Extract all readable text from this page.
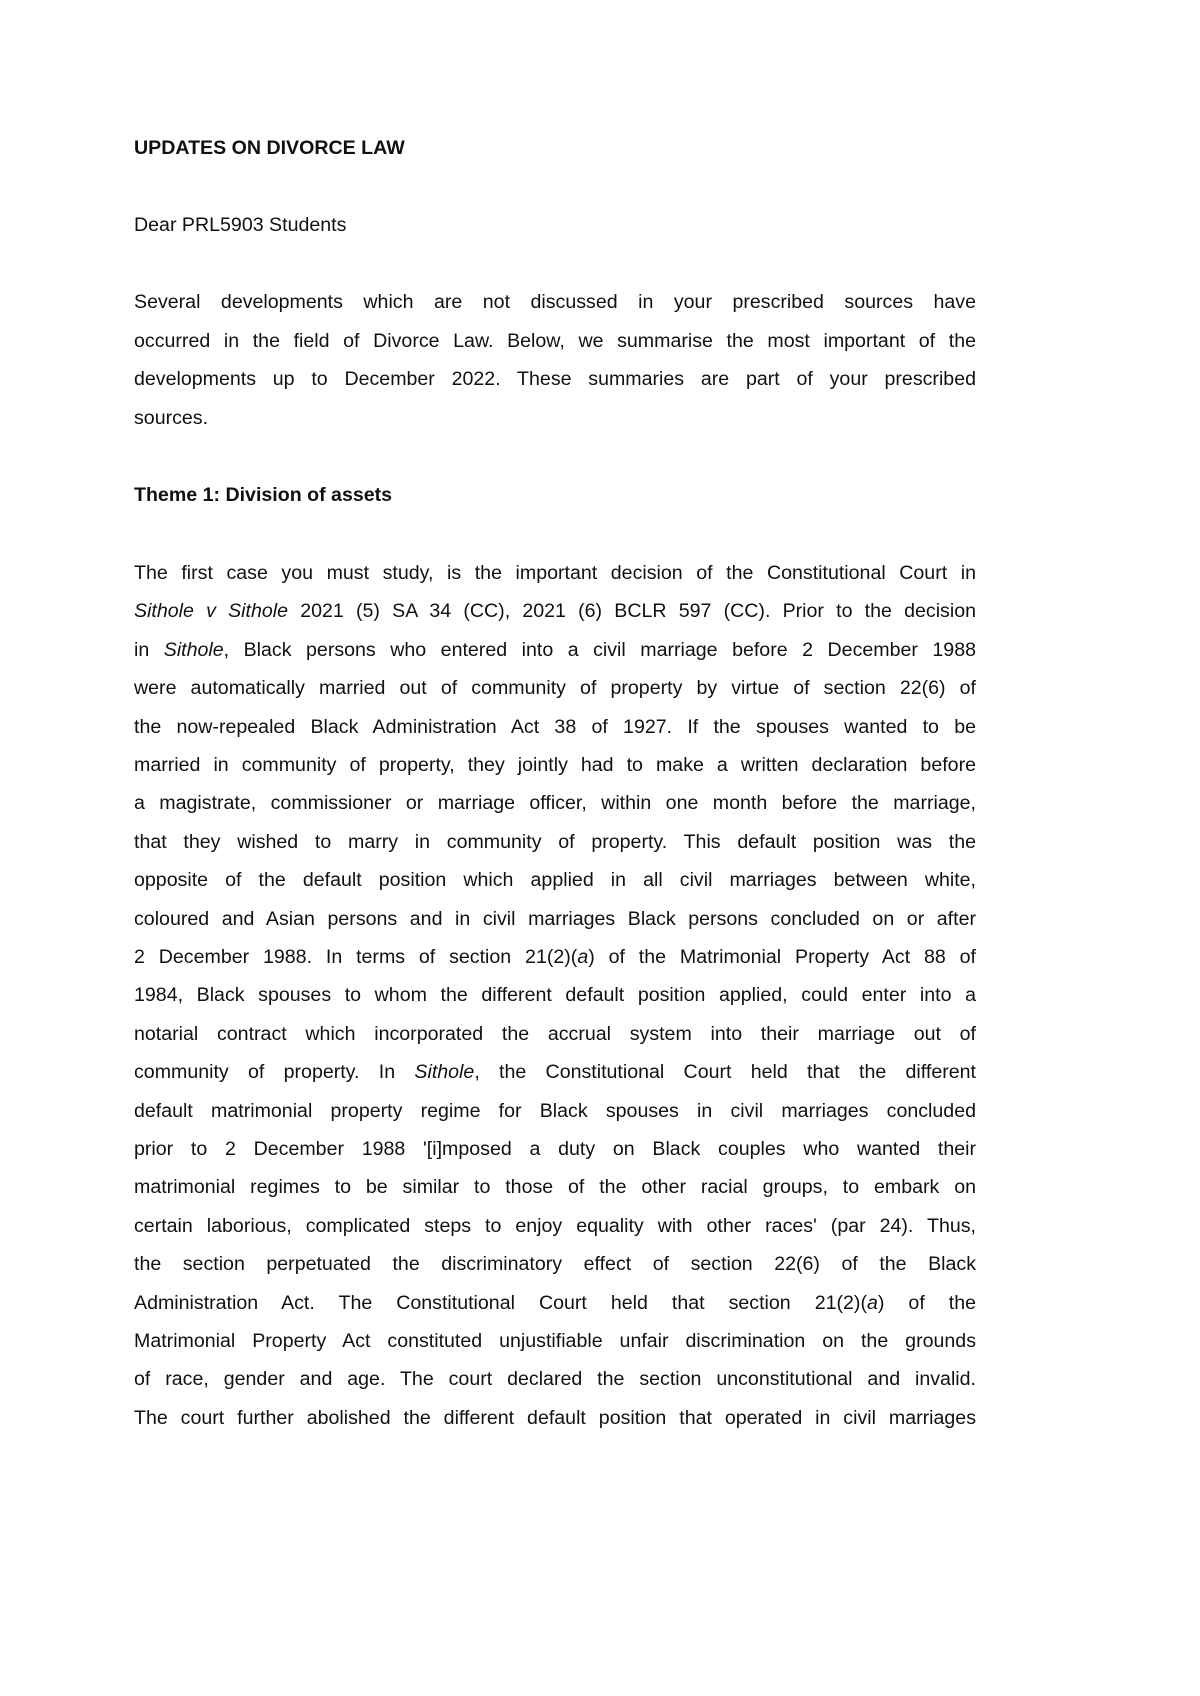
UPDATES ON DIVORCE LAW
Dear PRL5903 Students
Several developments which are not discussed in your prescribed sources have
occurred in the field of Divorce Law. Below, we summarise the most important of the
developments up to December 2022. These summaries are part of your prescribed
sources.
Theme 1: Division of assets
The first case you must study, is the important decision of the Constitutional Court in
Sithole v Sithole 2021 (5) SA 34 (CC), 2021 (6) BCLR 597 (CC). Prior to the decision
in Sithole, Black persons who entered into a civil marriage before 2 December 1988
were automatically married out of community of property by virtue of section 22(6) of
the now-repealed Black Administration Act 38 of 1927. If the spouses wanted to be
married in community of property, they jointly had to make a written declaration before
a magistrate, commissioner or marriage officer, within one month before the marriage,
that they wished to marry in community of property. This default position was the
opposite of the default position which applied in all civil marriages between white,
coloured and Asian persons and in civil marriages Black persons concluded on or after
2 December 1988. In terms of section 21(2)(a) of the Matrimonial Property Act 88 of
1984, Black spouses to whom the different default position applied, could enter into a
notarial contract which incorporated the accrual system into their marriage out of
community of property. In Sithole, the Constitutional Court held that the different
default matrimonial property regime for Black spouses in civil marriages concluded
prior to 2 December 1988 '[i]mposed a duty on Black couples who wanted their
matrimonial regimes to be similar to those of the other racial groups, to embark on
certain laborious, complicated steps to enjoy equality with other races' (par 24). Thus,
the section perpetuated the discriminatory effect of section 22(6) of the Black
Administration Act. The Constitutional Court held that section 21(2)(a) of the
Matrimonial Property Act constituted unjustifiable unfair discrimination on the grounds
of race, gender and age. The court declared the section unconstitutional and invalid.
The court further abolished the different default position that operated in civil marriages
